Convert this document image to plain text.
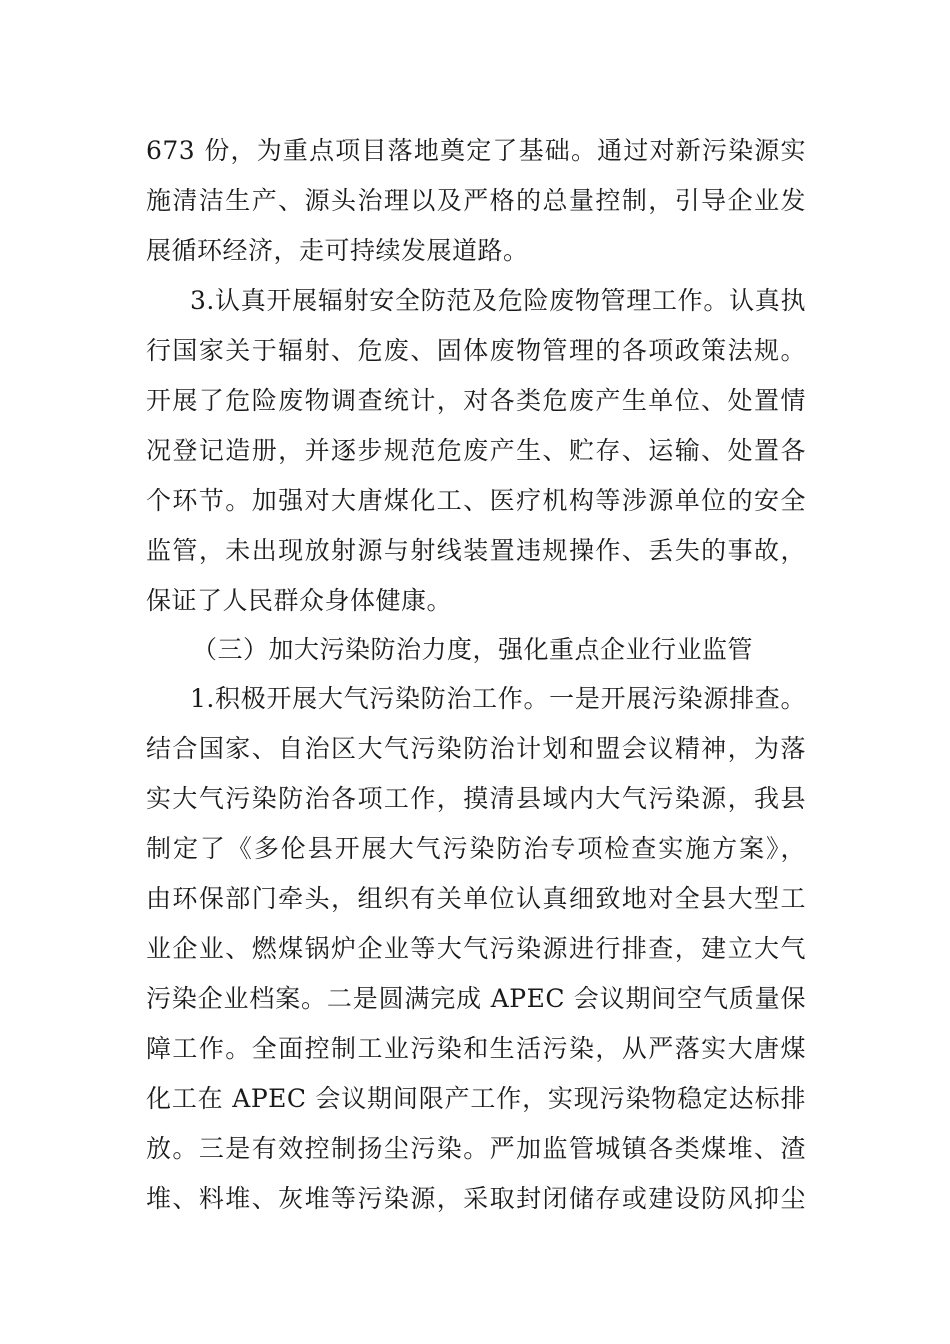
673 份，为重点项目落地奠定了基础。通过对新污染源实
施清洁生产、源头治理以及严格的总量控制，引导企业发
展循环经济，走可持续发展道路。
3.认真开展辐射安全防范及危险废物管理工作。认真执
行国家关于辐射、危废、固体废物管理的各项政策法规。
开展了危险废物调查统计，对各类危废产生单位、处置情
况登记造册，并逐步规范危废产生、贮存、运输、处置各
个环节。加强对大唐煤化工、医疗机构等涉源单位的安全
监管，未出现放射源与射线装置违规操作、丢失的事故，
保证了人民群众身体健康。
（三）加大污染防治力度，强化重点企业行业监管
1.积极开展大气污染防治工作。一是开展污染源排查。
结合国家、自治区大气污染防治计划和盟会议精神，为落
实大气污染防治各项工作，摸清县域内大气污染源，我县
制定了《多伦县开展大气污染防治专项检查实施方案》，
由环保部门牵头，组织有关单位认真细致地对全县大型工
业企业、燃煤锅炉企业等大气污染源进行排查，建立大气
污染企业档案。二是圆满完成 APEC 会议期间空气质量保
障工作。全面控制工业污染和生活污染，从严落实大唐煤
化工在 APEC 会议期间限产工作，实现污染物稳定达标排
放。三是有效控制扬尘污染。严加监管城镇各类煤堆、渣
堆、料堆、灰堆等污染源，采取封闭储存或建设防风抑尘
